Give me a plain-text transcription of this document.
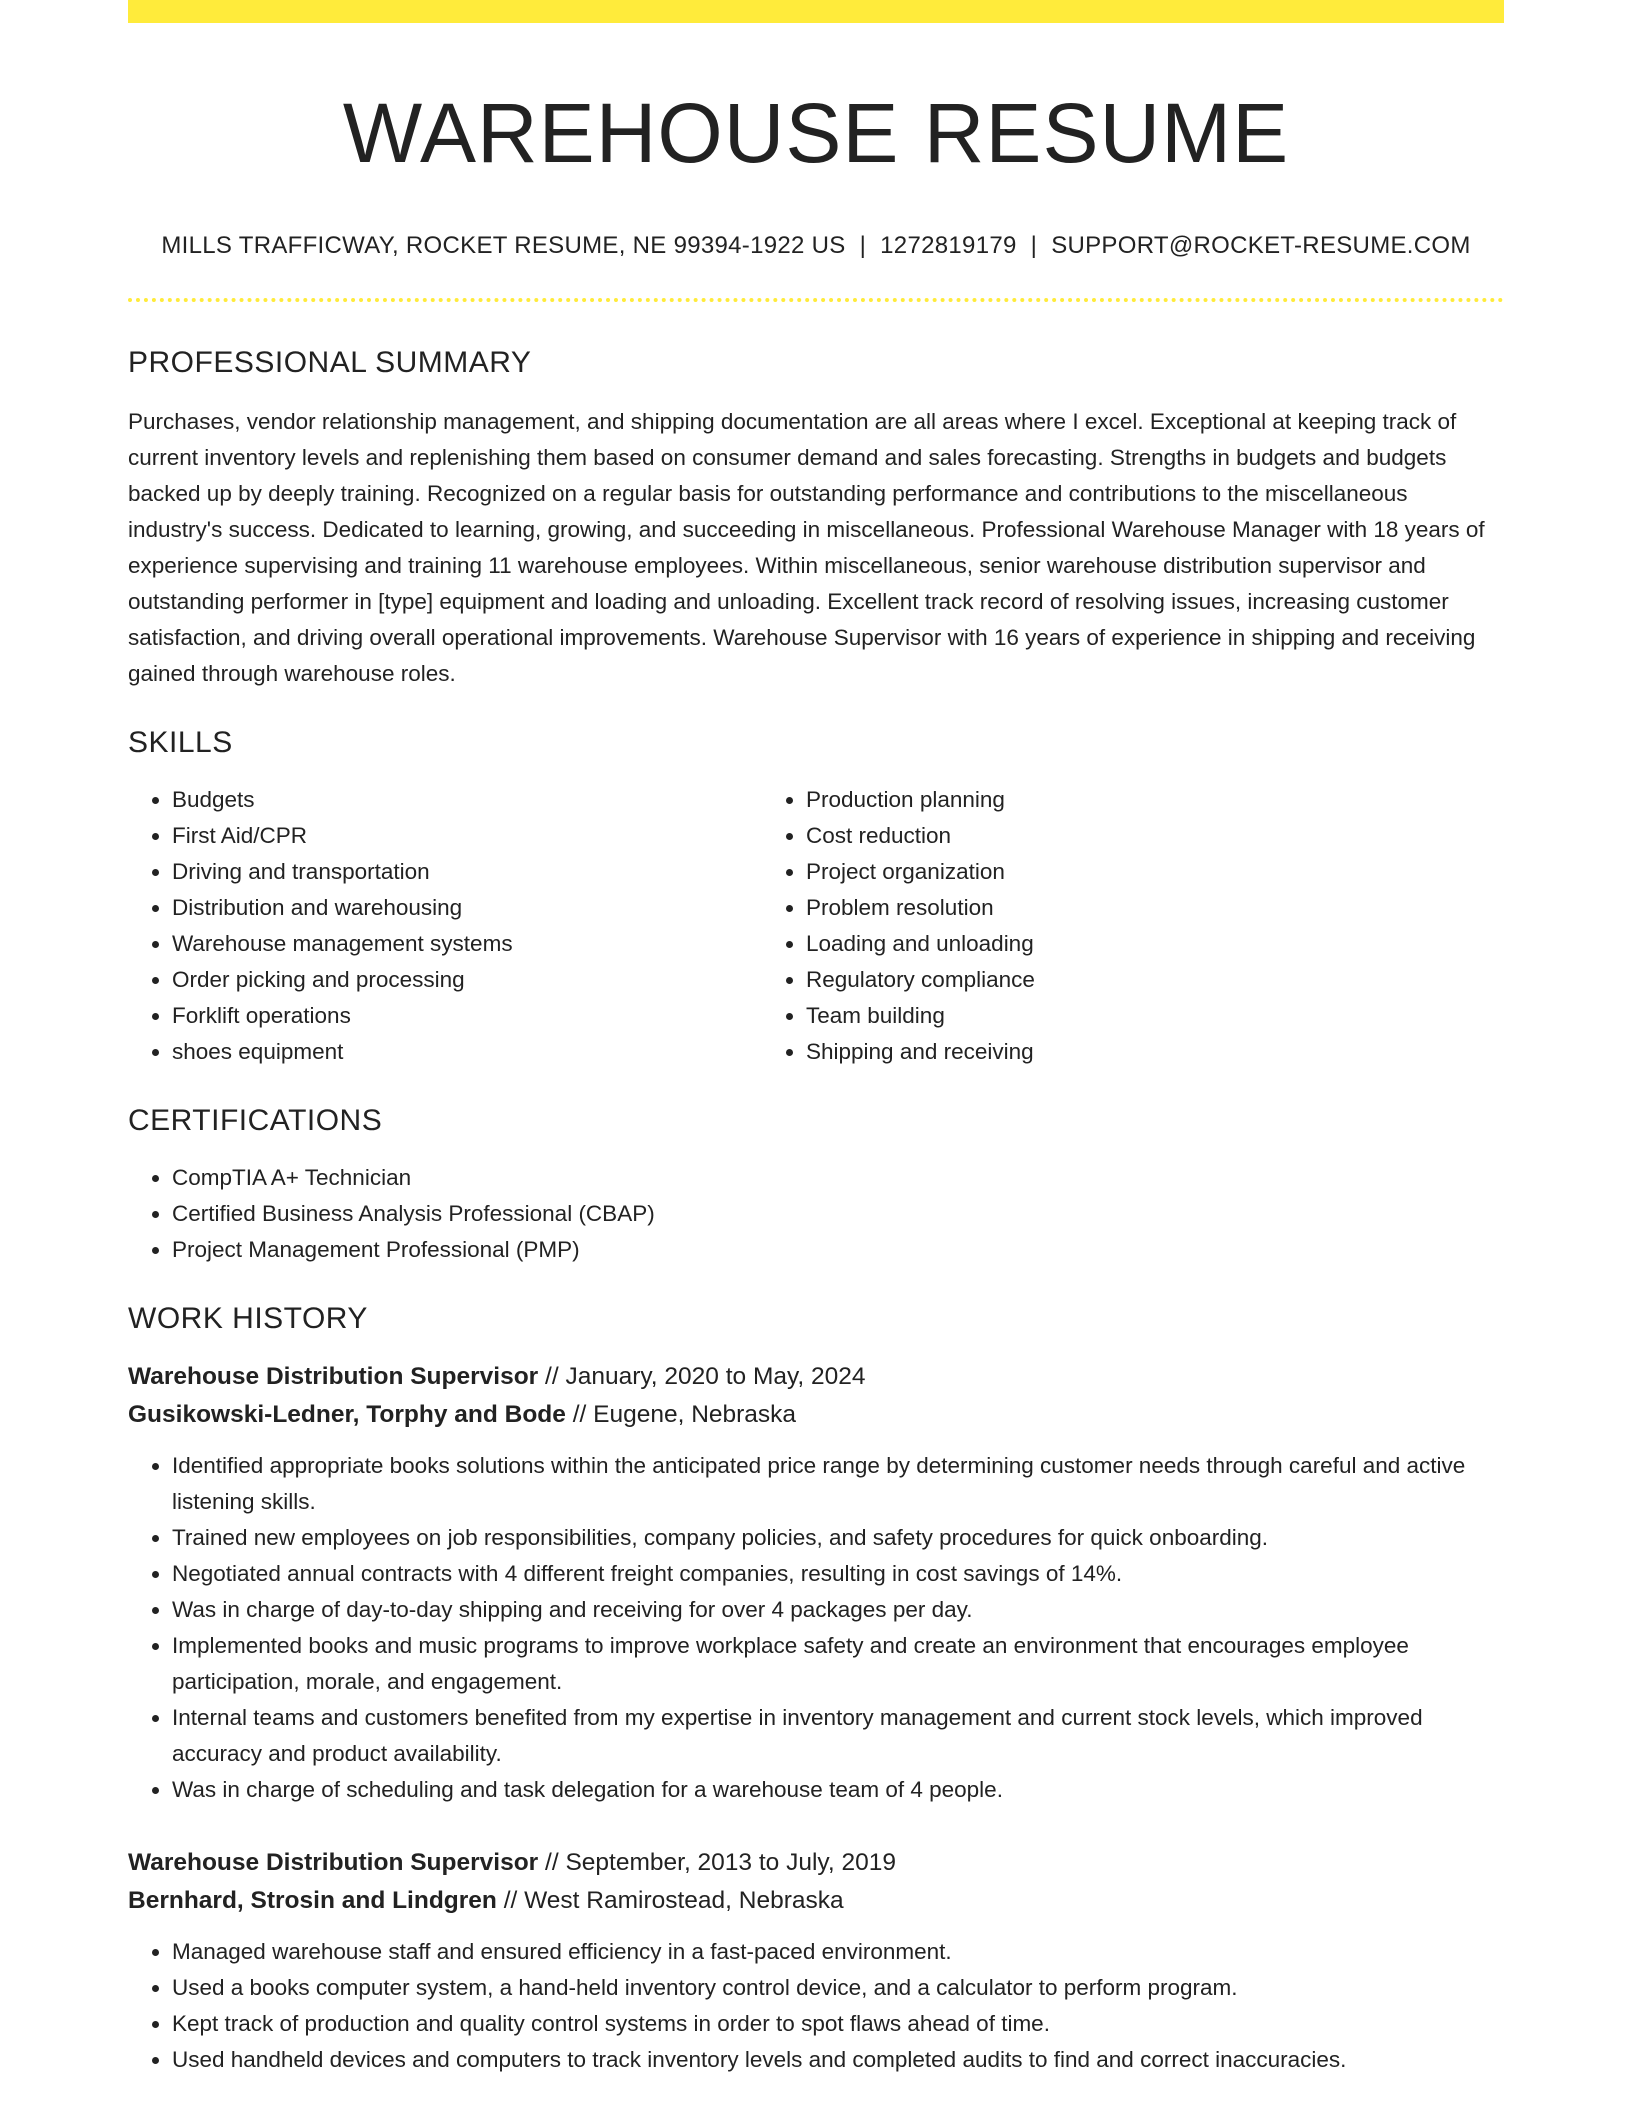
WAREHOUSE RESUME
MILLS TRAFFICWAY, ROCKET RESUME, NE 99394-1922 US | 1272819179 | SUPPORT@ROCKET-RESUME.COM
PROFESSIONAL SUMMARY

Purchases, vendor relationship management, and shipping documentation are all areas where I excel. Exceptional at keeping track of current inventory levels and replenishing them based on consumer demand and sales forecasting. Strengths in budgets and budgets backed up by deeply training. Recognized on a regular basis for outstanding performance and contributions to the miscellaneous industry's success. Dedicated to learning, growing, and succeeding in miscellaneous. Professional Warehouse Manager with 18 years of experience supervising and training 11 warehouse employees. Within miscellaneous, senior warehouse distribution supervisor and outstanding performer in [type] equipment and loading and unloading. Excellent track record of resolving issues, increasing customer satisfaction, and driving overall operational improvements. Warehouse Supervisor with 16 years of experience in shipping and receiving gained through warehouse roles.

SKILLS
• Budgets
• First Aid/CPR
• Driving and transportation
• Distribution and warehousing
• Warehouse management systems
• Order picking and processing
• Forklift operations
• shoes equipment
• Production planning
• Cost reduction
• Project organization
• Problem resolution
• Loading and unloading
• Regulatory compliance
• Team building
• Shipping and receiving
CERTIFICATIONS
• CompTIA A+ Technician
• Certified Business Analysis Professional (CBAP)
• Project Management Professional (PMP)
WORK HISTORY
Warehouse Distribution Supervisor // January, 2020 to May, 2024
Gusikowski-Ledner, Torphy and Bode // Eugene, Nebraska
• Identified appropriate books solutions within the anticipated price range by determining customer needs through careful and active listening skills.
• Trained new employees on job responsibilities, company policies, and safety procedures for quick onboarding.
• Negotiated annual contracts with 4 different freight companies, resulting in cost savings of 14%.
• Was in charge of day-to-day shipping and receiving for over 4 packages per day.
• Implemented books and music programs to improve workplace safety and create an environment that encourages employee participation, morale, and engagement.
• Internal teams and customers benefited from my expertise in inventory management and current stock levels, which improved accuracy and product availability.
• Was in charge of scheduling and task delegation for a warehouse team of 4 people.
Warehouse Distribution Supervisor // September, 2013 to July, 2019
Bernhard, Strosin and Lindgren // West Ramirostead, Nebraska
• Managed warehouse staff and ensured efficiency in a fast-paced environment.
• Used a books computer system, a hand-held inventory control device, and a calculator to perform program.
• Kept track of production and quality control systems in order to spot flaws ahead of time.
• Used handheld devices and computers to track inventory levels and completed audits to find and correct inaccuracies.
